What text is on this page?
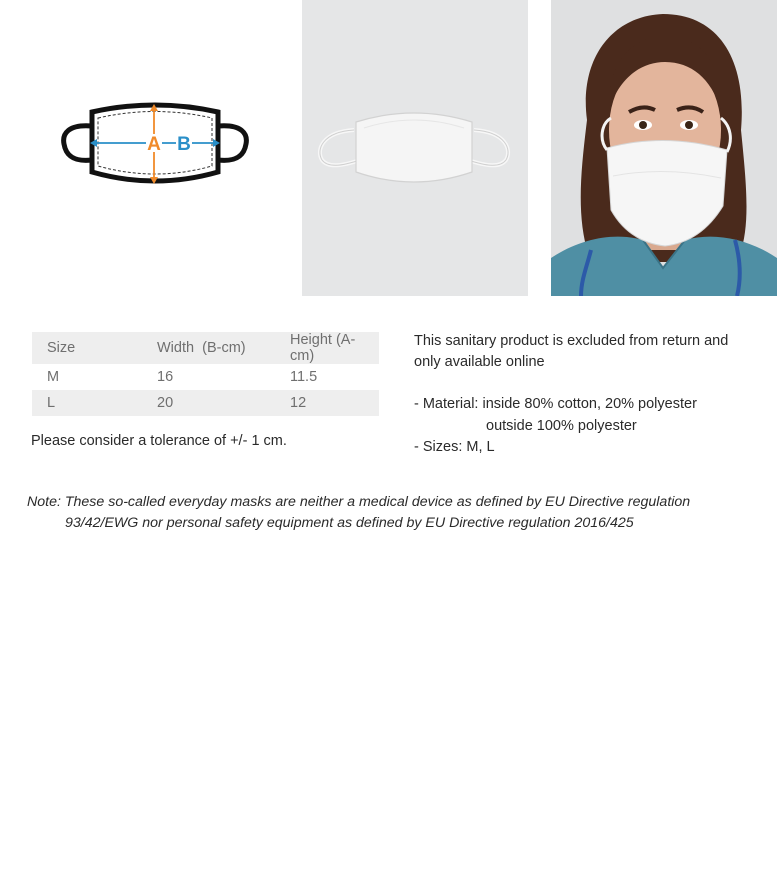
A B
Size	Width  (B-cm)	Height (A-cm)
M	16	11.5
L	20	12
Please consider a tolerance of +/- 1 cm.
This sanitary product is excluded from return and only available online
- Material: inside 80% cotton, 20% polyester
outside 100% polyester
- Sizes: M, L
Note: These so-called everyday masks are neither a medical device as defined by EU Directive regulation
93/42/EWG nor personal safety equipment as defined by EU Directive regulation 2016/425
